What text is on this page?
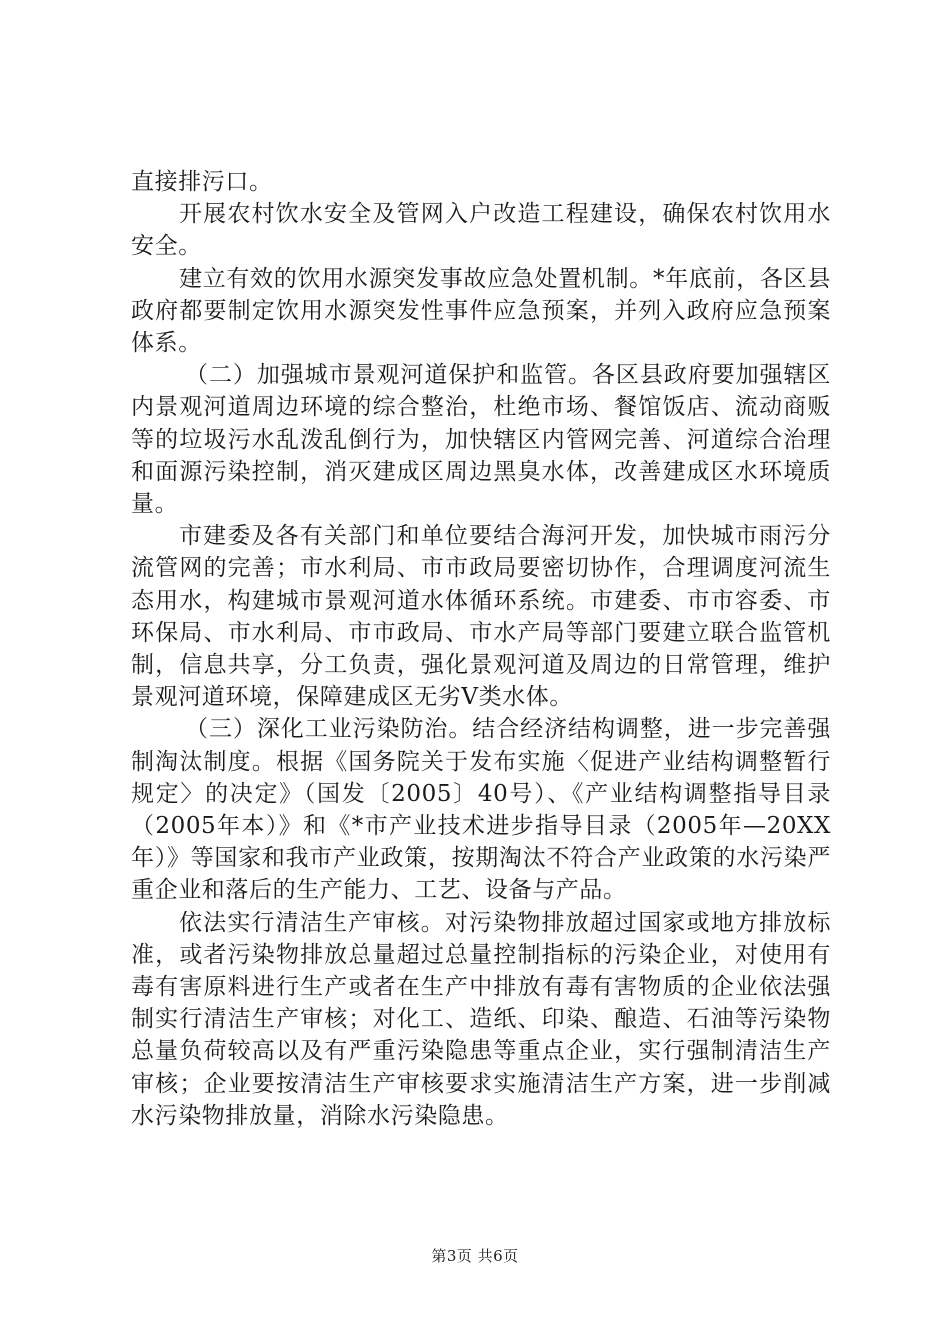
直接排污口。

开展农村饮水安全及管网入户改造工程建设，确保农村饮用水安全。

建立有效的饮用水源突发事故应急处置机制。*年底前，各区县政府都要制定饮用水源突发性事件应急预案，并列入政府应急预案体系。

（二）加强城市景观河道保护和监管。各区县政府要加强辖区内景观河道周边环境的综合整治，杜绝市场、餐馆饭店、流动商贩等的垃圾污水乱泼乱倒行为，加快辖区内管网完善、河道综合治理和面源污染控制，消灭建成区周边黑臭水体，改善建成区水环境质量。

市建委及各有关部门和单位要结合海河开发，加快城市雨污分流管网的完善；市水利局、市市政局要密切协作，合理调度河流生态用水，构建城市景观河道水体循环系统。市建委、市市容委、市环保局、市水利局、市市政局、市水产局等部门要建立联合监管机制，信息共享，分工负责，强化景观河道及周边的日常管理，维护景观河道环境，保障建成区无劣Ⅴ类水体。

（三）深化工业污染防治。结合经济结构调整，进一步完善强制淘汰制度。根据《国务院关于发布实施〈促进产业结构调整暂行规定〉的决定》（国发〔2005〕40号）、《产业结构调整指导目录（2005年本）》和《*市产业技术进步指导目录（2005年—20XX年）》等国家和我市产业政策，按期淘汰不符合产业政策的水污染严重企业和落后的生产能力、工艺、设备与产品。

依法实行清洁生产审核。对污染物排放超过国家或地方排放标准，或者污染物排放总量超过总量控制指标的污染企业，对使用有毒有害原料进行生产或者在生产中排放有毒有害物质的企业依法强制实行清洁生产审核；对化工、造纸、印染、酿造、石油等污染物总量负荷较高以及有严重污染隐患等重点企业，实行强制清洁生产审核；企业要按清洁生产审核要求实施清洁生产方案，进一步削减水污染物排放量，消除水污染隐患。

第3页 共6页
